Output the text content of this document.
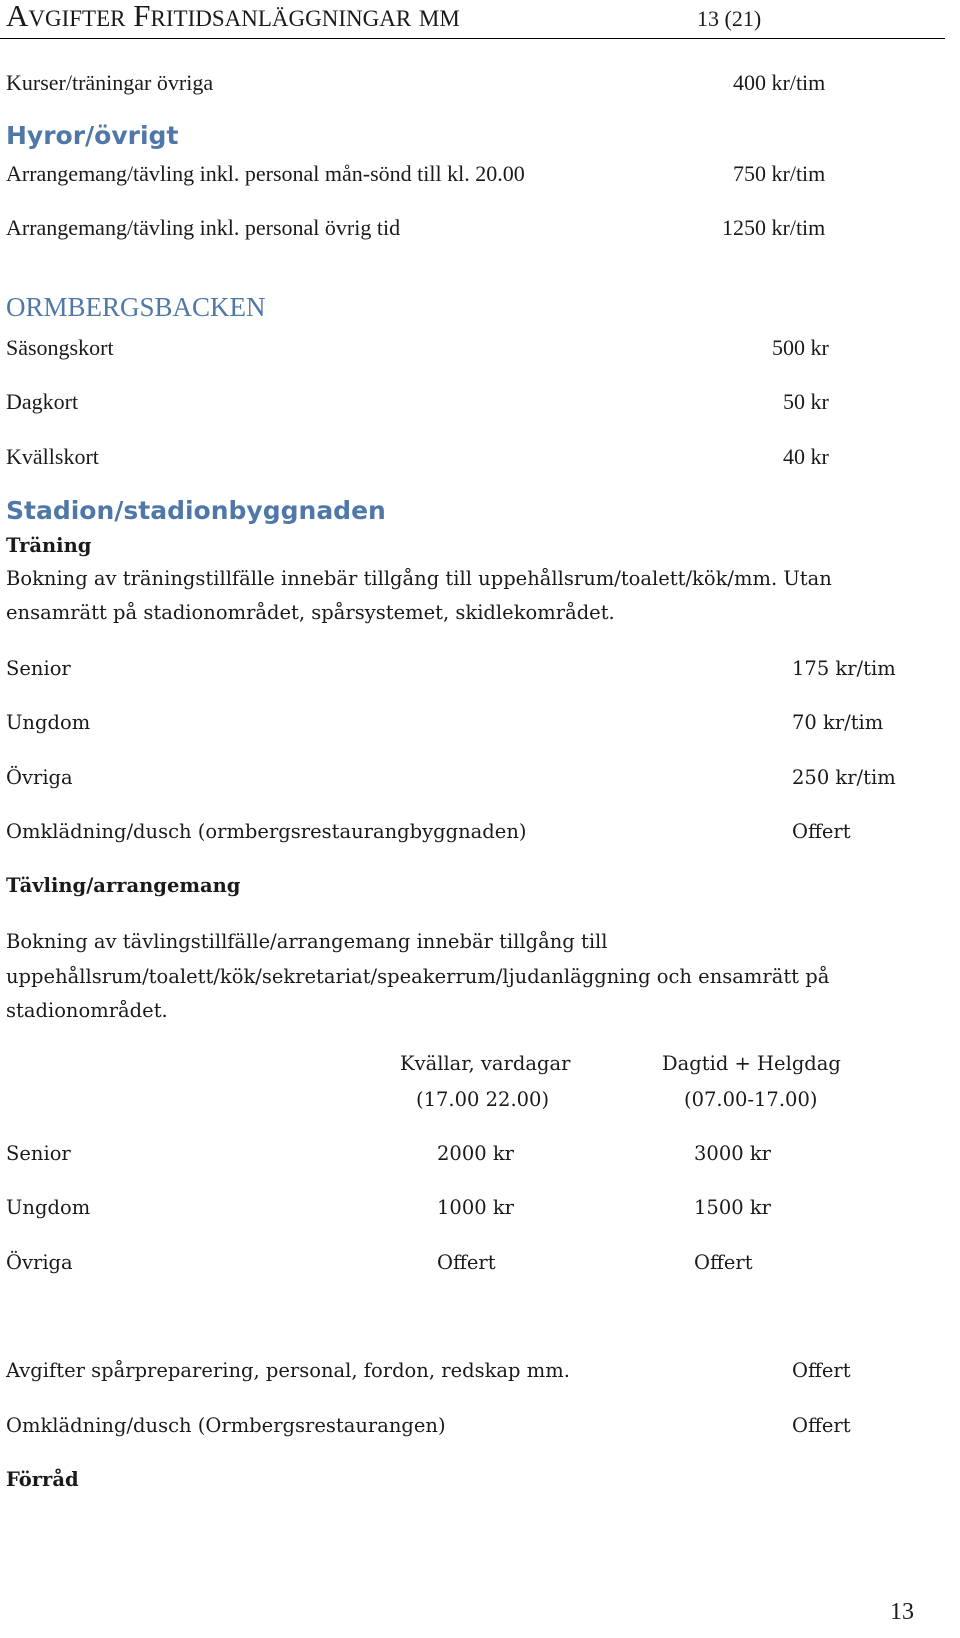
AVGIFTER FRITIDSANLÄGGNINGAR MM	13 (21)
Kurser/träningar övriga	400 kr/tim
Hyror/övrigt
Arrangemang/tävling inkl. personal mån-sönd till kl. 20.00	750 kr/tim
Arrangemang/tävling inkl. personal övrig tid	1250 kr/tim
ORMBERGSBACKEN
Säsongskort	500 kr
Dagkort	50 kr
Kvällskort	40 kr
Stadion/stadionbyggnaden
Träning
Bokning av träningstillfälle innebär tillgång till uppehållsrum/toalett/kök/mm. Utan
ensamrätt på stadionområdet, spårsystemet, skidlekområdet.
Senior	175 kr/tim
Ungdom	70 kr/tim
Övriga	250 kr/tim
Omklädning/dusch (ormbergsrestaurangbyggnaden)	Offert
Tävling/arrangemang
Bokning av tävlingstillfälle/arrangemang innebär tillgång till
uppehållsrum/toalett/kök/sekretariat/speakerrum/ljudanläggning och ensamrätt på
stadionområdet.
Kvällar, vardagar
(17.00 22.00)
Dagtid + Helgdag
(07.00-17.00)
Senior	2000 kr	3000 kr
Ungdom	1000 kr	1500 kr
Övriga	Offert	Offert
Avgifter spårpreparering, personal, fordon, redskap mm.	Offert
Omklädning/dusch (Ormbergsrestaurangen)	Offert
Förråd
13
